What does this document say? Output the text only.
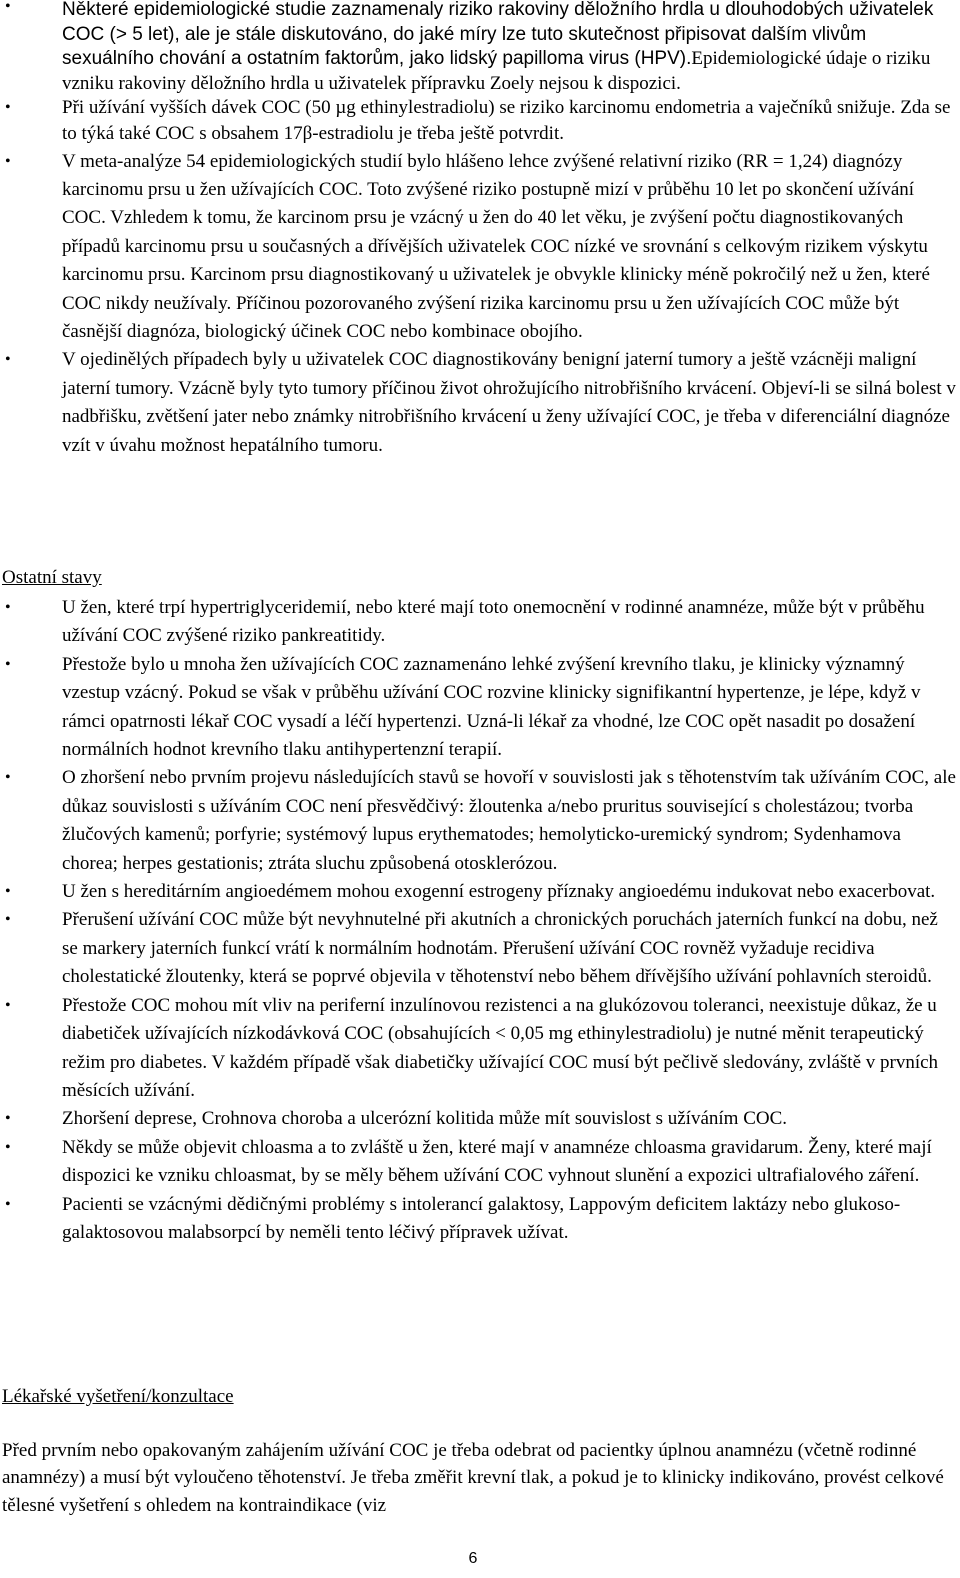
•	Některé epidemiologické studie zaznamenaly riziko rakoviny děložního hrdla u dlouhodobých uživatelek COC (> 5 let), ale je stále diskutováno, do jaké míry lze tuto skutečnost připisovat dalším vlivům sexuálního chování a ostatním faktorům, jako lidský papilloma virus (HPV).Epidemiologické údaje o riziku vzniku rakoviny děložního hrdla u uživatelek přípravku Zoely nejsou k dispozici.
•	Při užívání vyšších dávek COC (50 µg ethinylestradiolu) se riziko karcinomu endometria a vaječníků snižuje. Zda se to týká také COC s obsahem 17β-estradiolu je třeba ještě potvrdit.
•	V meta-analýze 54 epidemiologických studií bylo hlášeno lehce zvýšené relativní riziko (RR = 1,24) diagnózy karcinomu prsu u žen užívajících COC. Toto zvýšené riziko postupně mizí v průběhu 10 let po skončení užívání COC. Vzhledem k tomu, že karcinom prsu je vzácný u žen do 40 let věku, je zvýšení počtu diagnostikovaných případů karcinomu prsu u současných a dřívějších uživatelek COC nízké ve srovnání s celkovým rizikem výskytu karcinomu prsu. Karcinom prsu diagnostikovaný u uživatelek je obvykle klinicky méně pokročilý než u žen, které COC nikdy neužívaly. Příčinou pozorovaného zvýšení rizika karcinomu prsu u žen užívajících COC může být časnější diagnóza, biologický účinek COC nebo kombinace obojího.
•	V ojedinělých případech byly u uživatelek COC diagnostikovány benigní jaterní tumory a ještě vzácněji maligní jaterní tumory. Vzácně byly tyto tumory příčinou život ohrožujícího nitrobřišního krvácení. Objeví-li se silná bolest v nadbřišku, zvětšení jater nebo známky nitrobřišního krvácení u ženy užívající COC, je třeba v diferenciální diagnóze vzít v úvahu možnost hepatálního tumoru.
Ostatní stavy
•	U žen, které trpí hypertriglyceridemií, nebo které mají toto onemocnění v rodinné anamnéze, může být v průběhu užívání COC zvýšené riziko pankreatitidy.
•	Přestože bylo u mnoha žen užívajících COC zaznamenáno lehké zvýšení krevního tlaku, je klinicky významný vzestup vzácný. Pokud se však v průběhu užívání COC rozvine klinicky signifikantní hypertenze, je lépe, když v rámci opatrnosti lékař COC vysadí a léčí hypertenzi. Uzná-li lékař za vhodné, lze COC opět nasadit po dosažení normálních hodnot krevního tlaku antihypertenzní terapií.
•	O zhoršení nebo prvním projevu následujících stavů se hovoří v souvislosti jak s těhotenstvím tak užíváním COC, ale důkaz souvislosti s užíváním COC není přesvědčivý: žloutenka a/nebo pruritus související s cholestázou; tvorba žlučových kamenů; porfyrie; systémový lupus erythematodes; hemolyticko-uremický syndrom; Sydenhamova chorea; herpes gestationis; ztráta sluchu způsobená otosklerózou.
•	U žen s hereditárním angioedémem mohou exogenní estrogeny příznaky angioedému indukovat nebo exacerbovat.
•	Přerušení užívání COC může být nevyhnutelné při akutních a chronických poruchách jaterních funkcí na dobu, než se markery jaterních funkcí vrátí k normálním hodnotám. Přerušení užívání COC rovněž vyžaduje recidiva cholestatické žloutenky, která se poprvé objevila v těhotenství nebo během dřívějšího užívání pohlavních steroidů.
•	Přestože COC mohou mít vliv na periferní inzulínovou rezistenci a na glukózovou toleranci, neexistuje důkaz, že u diabetiček užívajících nízkodávková COC (obsahujících < 0,05 mg ethinylestradiolu) je nutné měnit terapeutický režim pro diabetes. V každém případě však diabetičky užívající COC musí být pečlivě sledovány, zvláště v prvních měsících užívání.
•	Zhoršení deprese, Crohnova choroba a ulcerózní kolitida může mít souvislost s užíváním COC.
•	Někdy se může objevit chloasma a to zvláště u žen, které mají v anamnéze chloasma gravidarum. Ženy, které mají dispozici ke vzniku chloasmat, by se měly během užívání COC vyhnout slunění a expozici ultrafialového záření.
•	Pacienti se vzácnými dědičnými problémy s intolerancí galaktosy, Lappovým deficitem laktázy nebo glukoso-galaktosovou malabsorpcí by neměli tento léčivý přípravek užívat.
Lékařské vyšetření/konzultace

Před prvním nebo opakovaným zahájením užívání COC je třeba odebrat od pacientky úplnou anamnézu (včetně rodinné anamnézy) a musí být vyloučeno těhotenství. Je třeba změřit krevní tlak, a pokud je to klinicky indikováno, provést celkové tělesné vyšetření s ohledem na kontraindikace (viz

6
